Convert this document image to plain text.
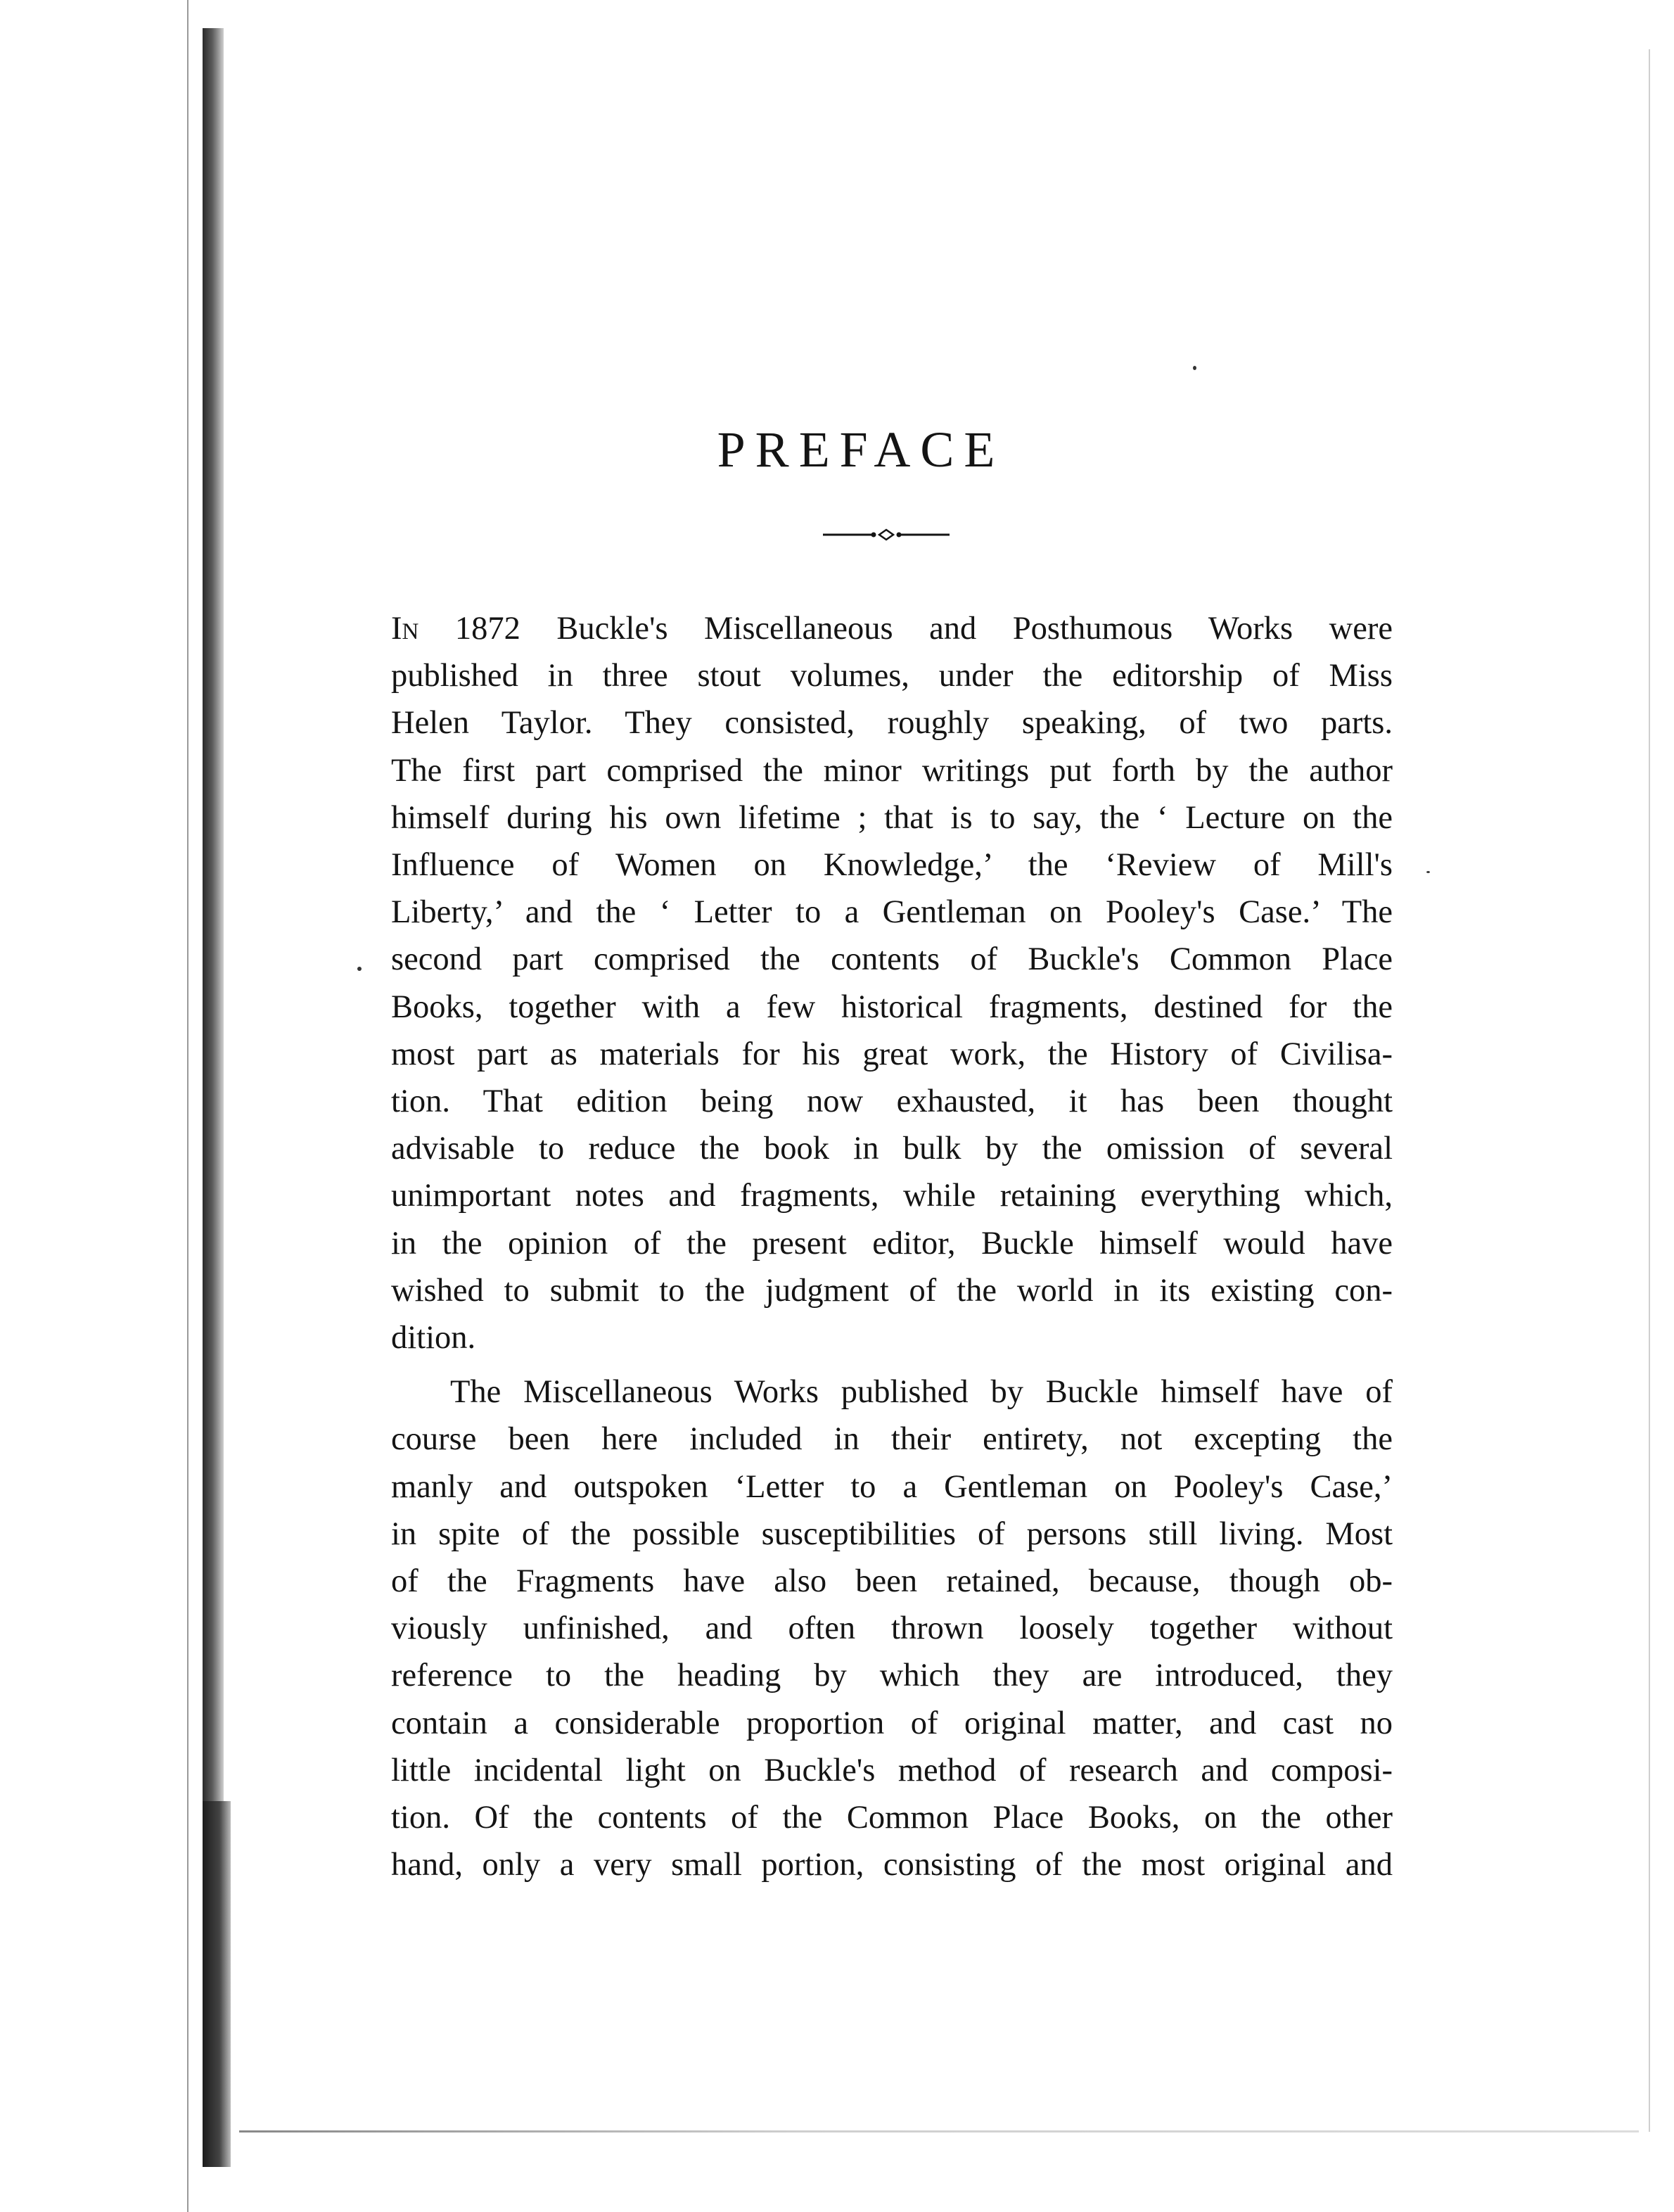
PREFACE

In 1872 Buckle's Miscellaneous and Posthumous Works were
published in three stout volumes, under the editorship of Miss
Helen Taylor. They consisted, roughly speaking, of two parts.
The first part comprised the minor writings put forth by the author
himself during his own lifetime ; that is to say, the ‘ Lecture on the
Influence of Women on Knowledge,’ the ‘Review of Mill's
Liberty,’ and the ‘ Letter to a Gentleman on Pooley's Case.’ The
second part comprised the contents of Buckle's Common Place
Books, together with a few historical fragments, destined for the
most part as materials for his great work, the History of Civilisa-
tion. That edition being now exhausted, it has been thought
advisable to reduce the book in bulk by the omission of several
unimportant notes and fragments, while retaining everything which,
in the opinion of the present editor, Buckle himself would have
wished to submit to the judgment of the world in its existing con-
dition.

The Miscellaneous Works published by Buckle himself have of
course been here included in their entirety, not excepting the
manly and outspoken ‘Letter to a Gentleman on Pooley's Case,’
in spite of the possible susceptibilities of persons still living. Most
of the Fragments have also been retained, because, though ob-
viously unfinished, and often thrown loosely together without
reference to the heading by which they are introduced, they
contain a considerable proportion of original matter, and cast no
little incidental light on Buckle's method of research and composi-
tion. Of the contents of the Common Place Books, on the other
hand, only a very small portion, consisting of the most original and
